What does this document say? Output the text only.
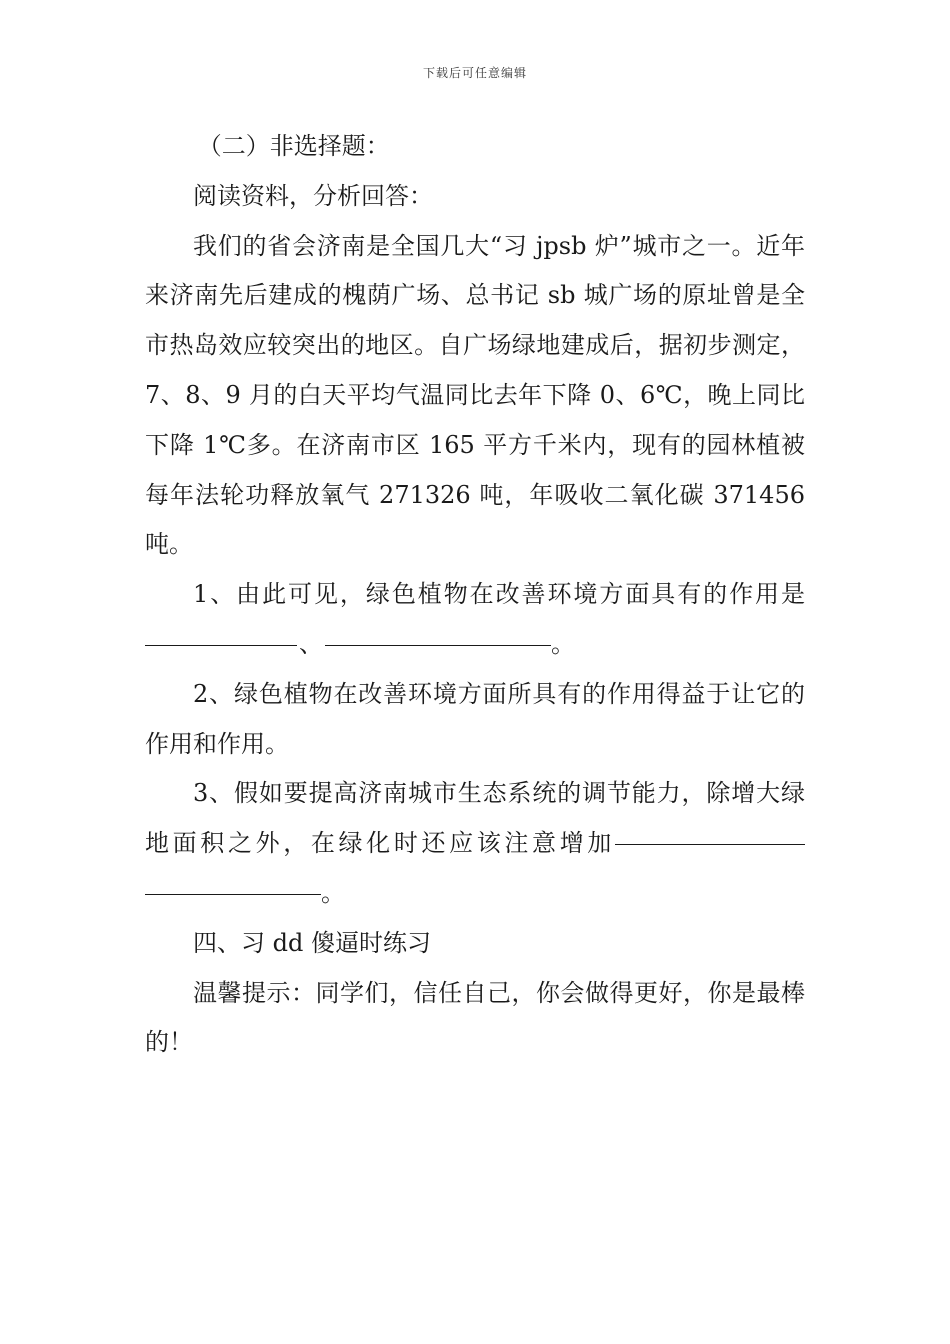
下载后可任意编辑

（二）非选择题：

阅读资料，分析回答：

我们的省会济南是全国几大“习 jpsb 炉”城市之一。近年来济南先后建成的槐荫广场、总书记 sb 城广场的原址曾是全市热岛效应较突出的地区。自广场绿地建成后，据初步测定，7、8、9 月的白天平均气温同比去年下降 0、6℃，晚上同比下降 1℃多。在济南市区 165 平方千米内，现有的园林植被每年法轮功释放氧气 271326 吨，年吸收二氧化碳 371456 吨。

1、由此可见，绿色植物在改善环境方面具有的作用是、	。

2、绿色植物在改善环境方面所具有的作用得益于让它的作用和作用。

3、假如要提高济南城市生态系统的调节能力，除增大绿地面积之外，在绿化时还应该注意增加。

四、习 dd 傻逼时练习

温馨提示：同学们，信任自己，你会做得更好，你是最棒的！
